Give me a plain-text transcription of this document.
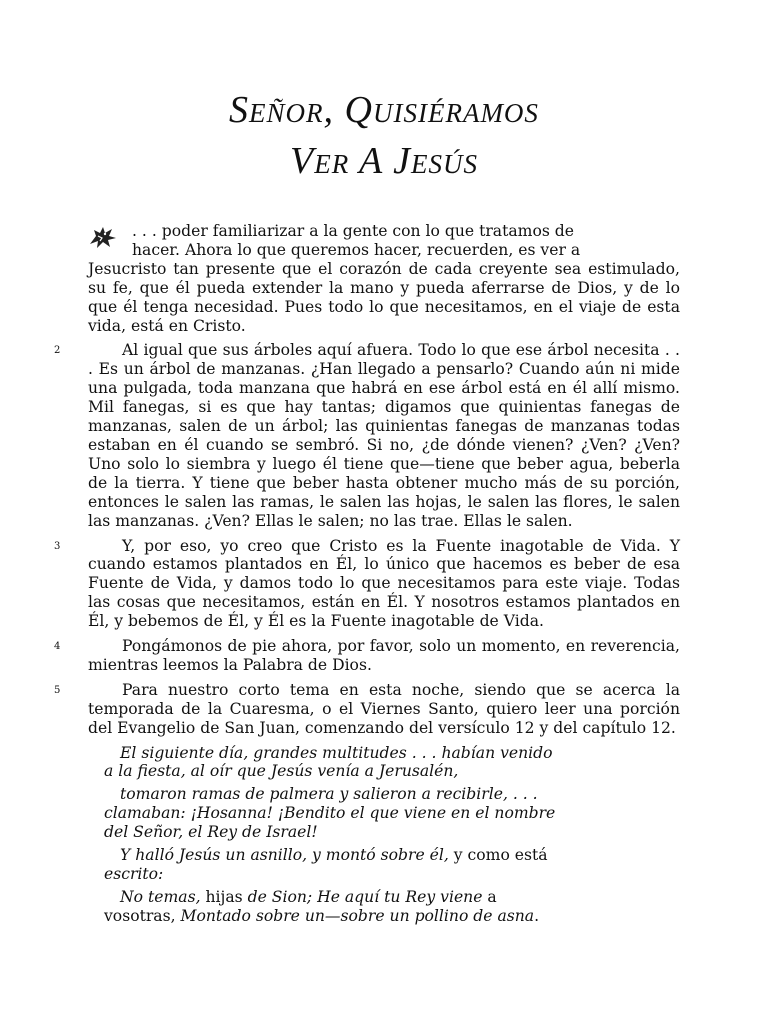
Señor, Quisiéramos
Ver A Jesús

. . . poder familiarizar a la gente con lo que tratamos de
hacer. Ahora lo que queremos hacer, recuerden, es ver a
Jesucristo tan presente que el corazón de cada creyente sea estimulado, su fe, que él pueda extender la mano y pueda aferrarse de Dios, y de lo que él tenga necesidad. Pues todo lo que necesitamos, en el viaje de esta vida, está en Cristo.

2	Al igual que sus árboles aquí afuera. Todo lo que ese árbol necesita . . . Es un árbol de manzanas. ¿Han llegado a pensarlo? Cuando aún ni mide una pulgada, toda manzana que habrá en ese árbol está en él allí mismo. Mil fanegas, si es que hay tantas; digamos que quinientas fanegas de manzanas, salen de un árbol; las quinientas fanegas de manzanas todas estaban en él cuando se sembró. Si no, ¿de dónde vienen? ¿Ven? ¿Ven? Uno solo lo siembra y luego él tiene que—tiene que beber agua, beberla de la tierra. Y tiene que beber hasta obtener mucho más de su porción, entonces le salen las ramas, le salen las hojas, le salen las flores, le salen las manzanas. ¿Ven? Ellas le salen; no las trae. Ellas le salen.

3	Y, por eso, yo creo que Cristo es la Fuente inagotable de Vida. Y cuando estamos plantados en Él, lo único que hacemos es beber de esa Fuente de Vida, y damos todo lo que necesitamos para este viaje. Todas las cosas que necesitamos, están en Él. Y nosotros estamos plantados en Él, y bebemos de Él, y Él es la Fuente inagotable de Vida.

4	Pongámonos de pie ahora, por favor, solo un momento, en reverencia, mientras leemos la Palabra de Dios.

5	Para nuestro corto tema en esta noche, siendo que se acerca la temporada de la Cuaresma, o el Viernes Santo, quiero leer una porción del Evangelio de San Juan, comenzando del versículo 12 y del capítulo 12.

El siguiente día, grandes multitudes . . . habían venido
a la fiesta, al oír que Jesús venía a Jerusalén,
tomaron ramas de palmera y salieron a recibirle, . . .
clamaban: ¡Hosanna! ¡Bendito el que viene en el nombre
del Señor, el Rey de Israel!
Y halló Jesús un asnillo, y montó sobre él, y como está
escrito:
No temas, hijas de Sion; He aquí tu Rey viene a
vosotras, Montado sobre un—sobre un pollino de asna.
